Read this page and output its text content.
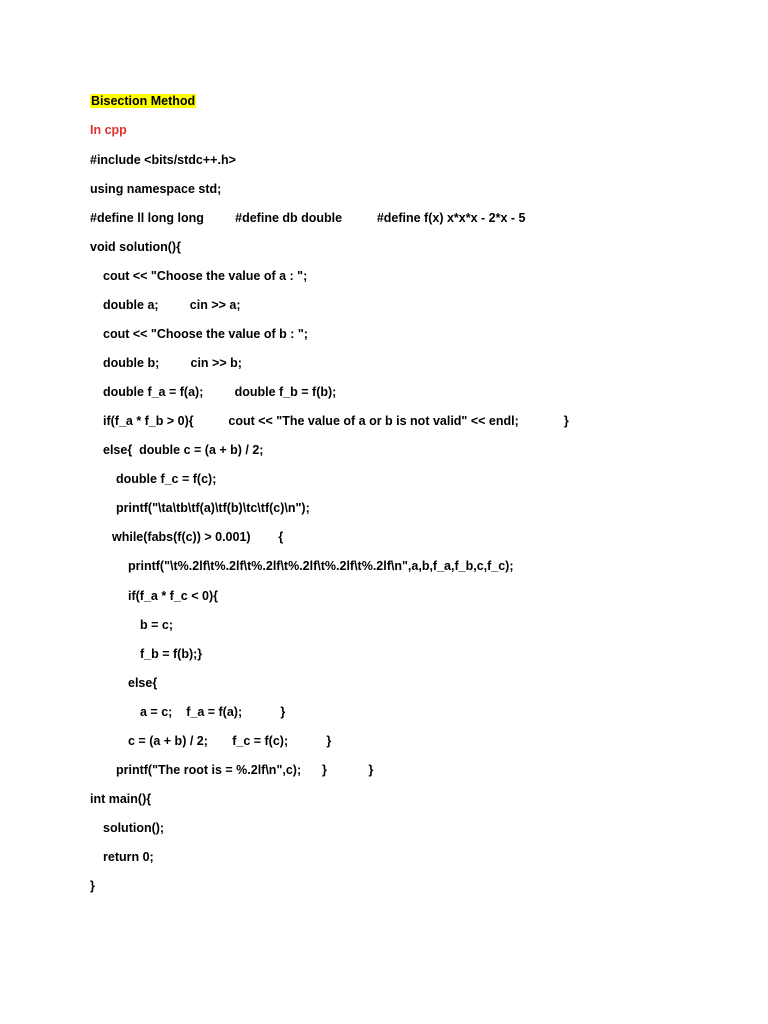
Bisection Method
In cpp
#include <bits/stdc++.h>
using namespace std;
#define ll long long         #define db double          #define f(x) x*x*x - 2*x - 5
void solution(){
cout << "Choose the value of a : ";
double a;         cin >> a;
cout << "Choose the value of b : ";
double b;         cin >> b;
double f_a = f(a);         double f_b = f(b);
if(f_a * f_b > 0){          cout << "The value of a or b is not valid" << endl;             }
else{  double c = (a + b) / 2;
double f_c = f(c);
printf("\ta\tb\tf(a)\tf(b)\tc\tf(c)\n");
while(fabs(f(c)) > 0.001)        {
printf("\t%.2lf\t%.2lf\t%.2lf\t%.2lf\t%.2lf\t%.2lf\n",a,b,f_a,f_b,c,f_c);
if(f_a * f_c < 0){
b = c;
f_b = f(b);}
else{
a = c;    f_a = f(a);           }
c = (a + b) / 2;       f_c = f(c);           }
printf("The root is = %.2lf\n",c);      }            }
int main(){
solution();
return 0;
}
